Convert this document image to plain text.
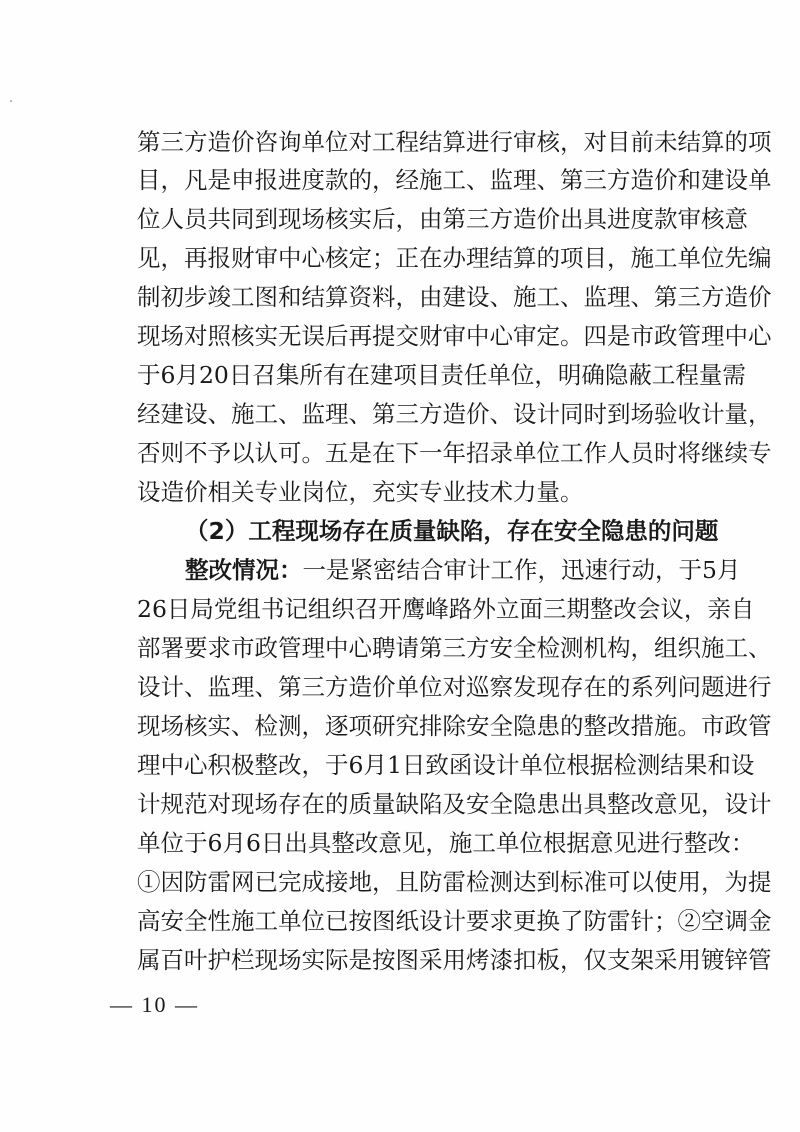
第三方造价咨询单位对工程结算进行审核，对目前未结算的项
目，凡是申报进度款的，经施工、监理、第三方造价和建设单
位人员共同到现场核实后，由第三方造价出具进度款审核意
见，再报财审中心核定；正在办理结算的项目，施工单位先编
制初步竣工图和结算资料，由建设、施工、监理、第三方造价
现场对照核实无误后再提交财审中心审定。四是市政管理中心
于6月20日召集所有在建项目责任单位，明确隐蔽工程量需
经建设、施工、监理、第三方造价、设计同时到场验收计量，
否则不予以认可。五是在下一年招录单位工作人员时将继续专
设造价相关专业岗位，充实专业技术力量。
（2）工程现场存在质量缺陷，存在安全隐患的问题
整改情况：一是紧密结合审计工作，迅速行动，于5月
26日局党组书记组织召开鹰峰路外立面三期整改会议，亲自
部署要求市政管理中心聘请第三方安全检测机构，组织施工、
设计、监理、第三方造价单位对巡察发现存在的系列问题进行
现场核实、检测，逐项研究排除安全隐患的整改措施。市政管
理中心积极整改，于6月1日致函设计单位根据检测结果和设
计规范对现场存在的质量缺陷及安全隐患出具整改意见，设计
单位于6月6日出具整改意见，施工单位根据意见进行整改：
①因防雷网已完成接地，且防雷检测达到标准可以使用，为提
高安全性施工单位已按图纸设计要求更换了防雷针；②空调金
属百叶护栏现场实际是按图采用烤漆扣板，仅支架采用镀锌管
— 10 —
